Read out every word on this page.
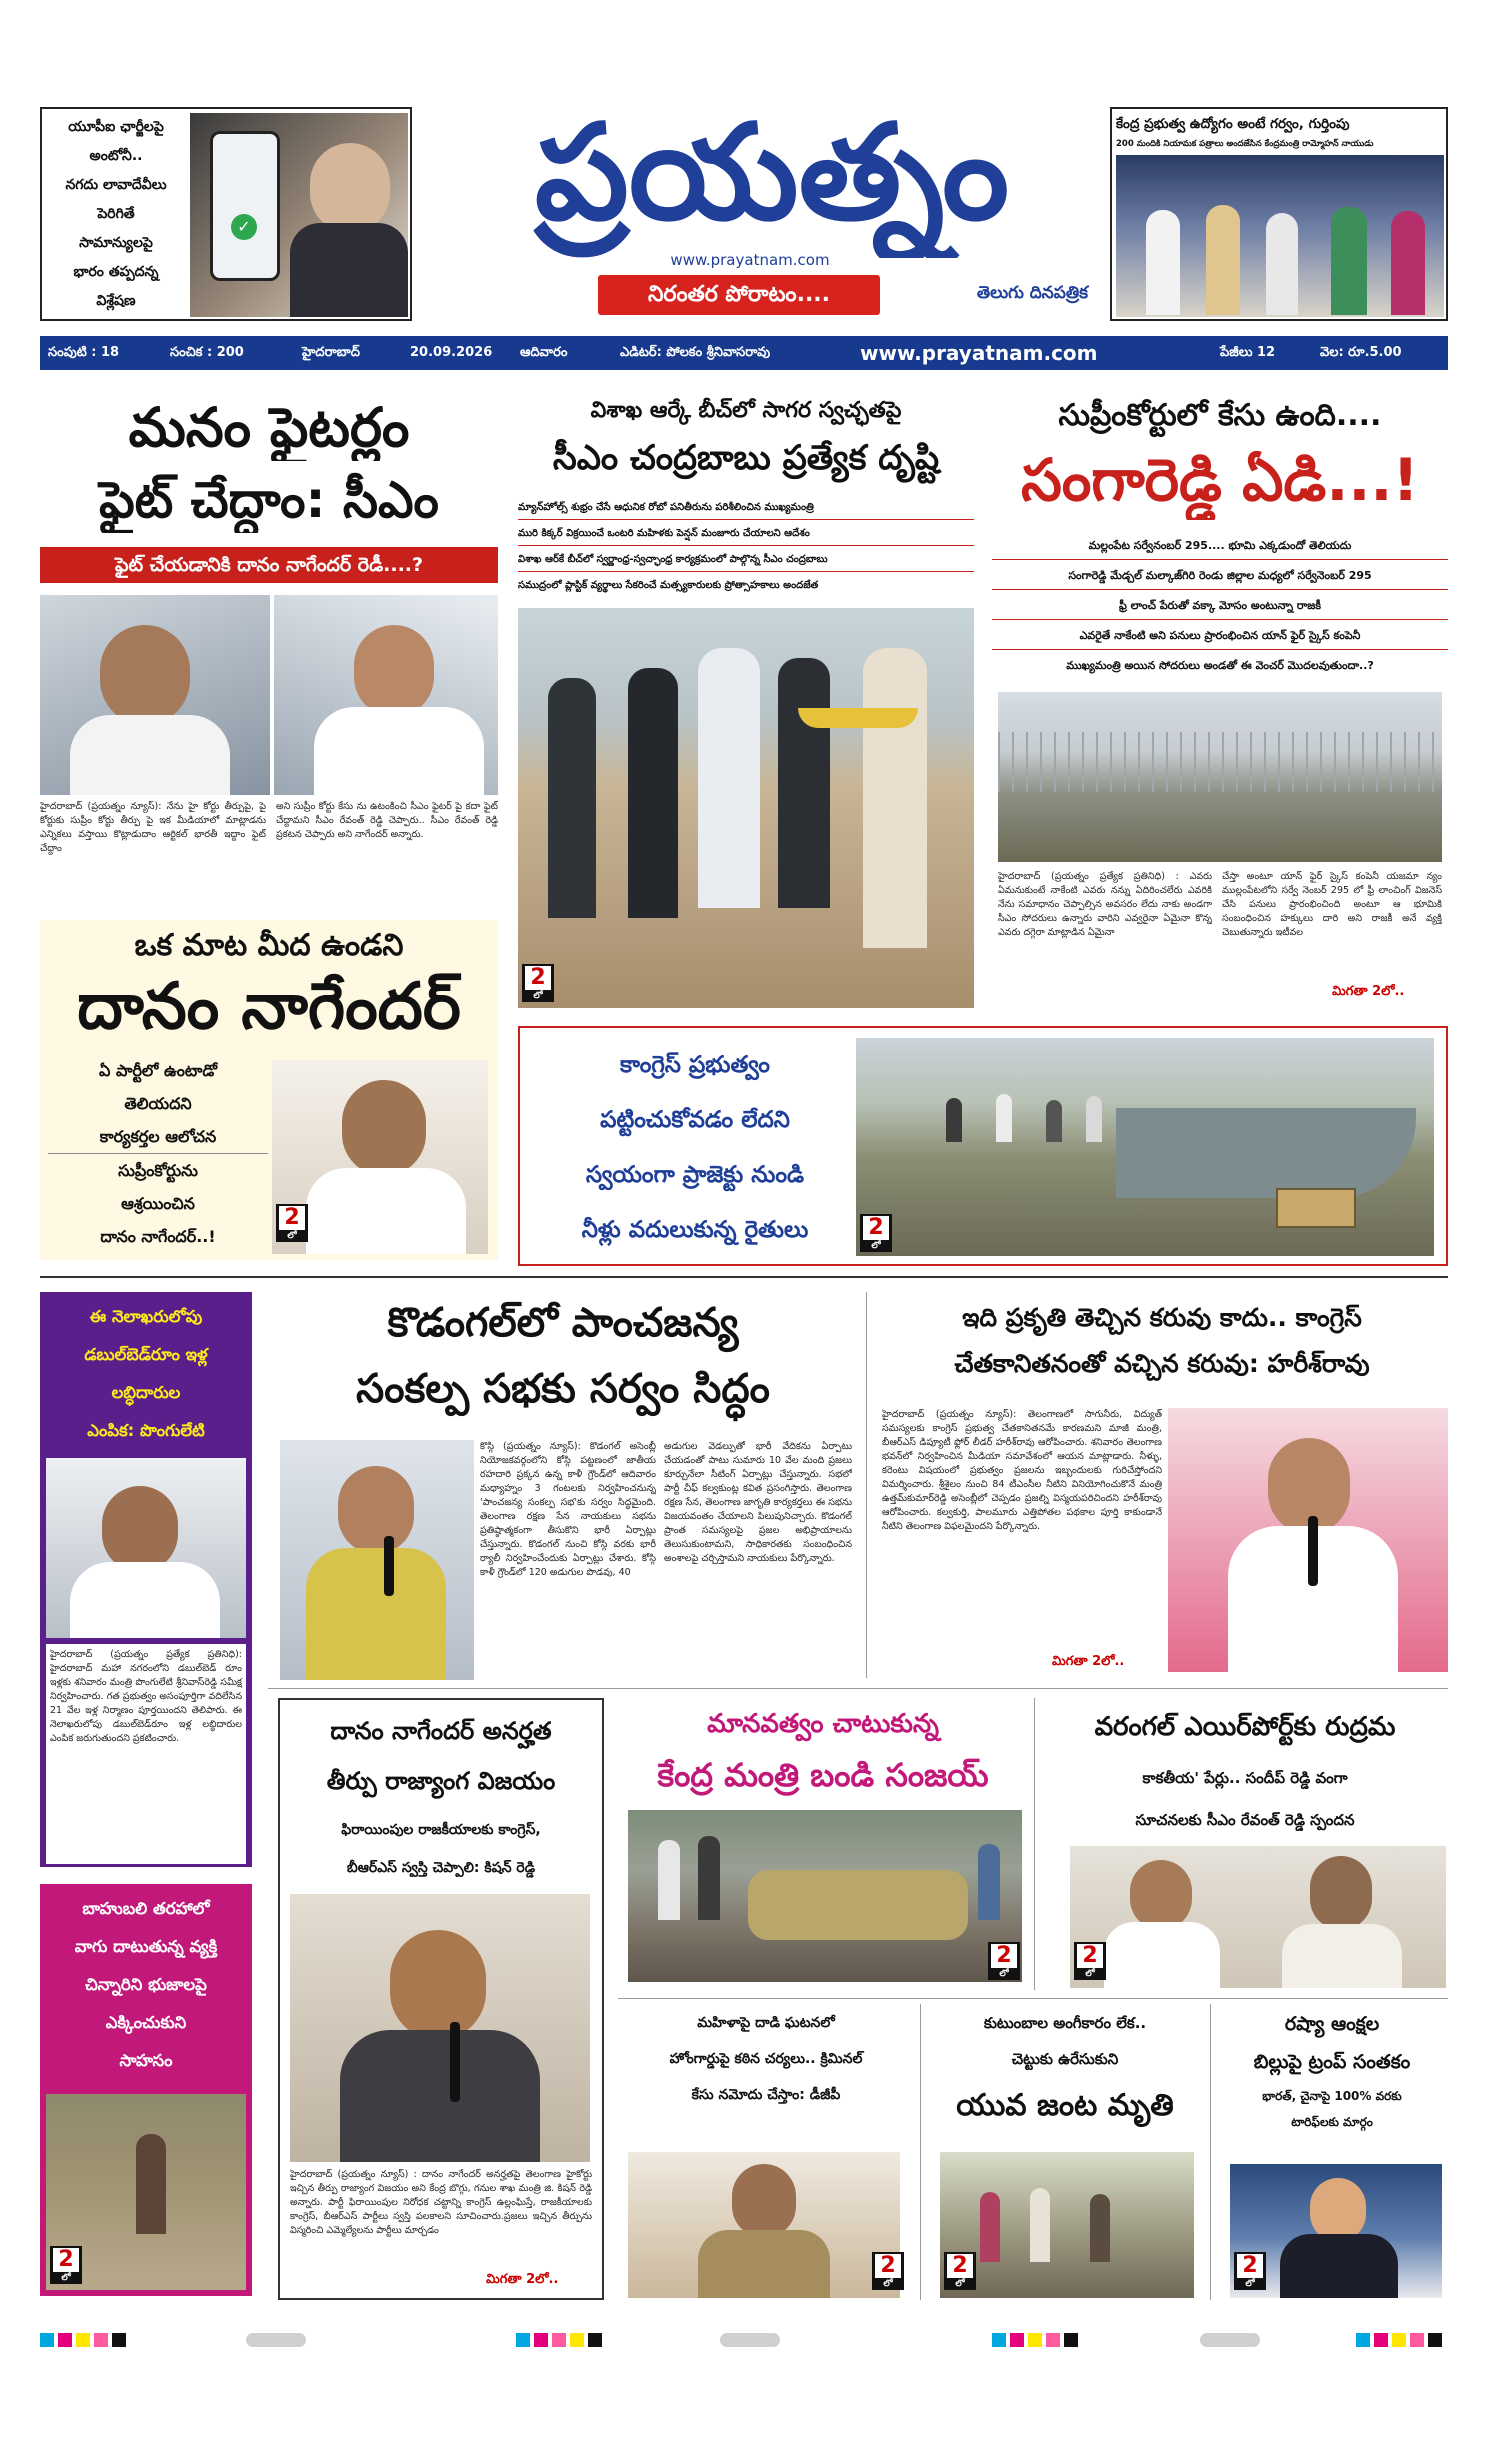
యూపీఐ ఛార్జీలపై
అంటోనీ..
నగదు లావాదేవీలు
పెరిగితే
సామాన్యులపై
భారం తప్పదన్న
విశ్లేషణ
✓	ప్రయత్నం
www.prayatnam.com
నిరంతర పోరాటం....	తెలుగు దినపత్రిక
కేంద్ర ప్రభుత్వ ఉద్యోగం అంటే గర్వం, గుర్తింపు
200 మందికి నియామక పత్రాలు అందజేసిన కేంద్రమంత్రి రామ్మోహన్ నాయుడు
సంపుటి : 18	సంచిక : 200	హైదరాబాద్	20.09.2026	ఆదివారం	ఎడిటర్: పోలకం శ్రీనివాసరావు	www.prayatnam.com	పేజీలు 12	వెల: రూ.5.00
మనం ఫైటర్లం
ఫైట్ చేద్దాం: సీఎం
ఫైట్ చేయడానికి దానం నాగేందర్ రెడీ....?
హైదరాబాద్ (ప్రయత్నం న్యూస్): నేను హై కోర్టు తీర్పుపై, పై కోర్టుకు సుప్రీం కోర్టు తీర్పు పై ఇక మీడియాలో మాట్లాడను ఎన్నికలు వస్తాయి కొట్లాడుదాం ఆర్టికల్ భారతీ ఇద్దాం ఫైట్ చేద్దాం
అని సుప్రీం కోర్టు కేసు ను ఉటంకించి సీఎం ఫైటర్ పై కదా ఫైట్ చేద్దామని సీఎం రేవంత్ రెడ్డి చెప్పారు.. సీఎం రేవంత్ రెడ్డి ప్రకటన చెప్పారు అని నాగేందర్ అన్నారు.
ఒక మాట మీద ఉండని
దానం నాగేందర్
ఏ పార్టీలో ఉంటాడో
తెలియదని
కార్యకర్తల ఆలోచన
సుప్రీంకోర్టును
ఆశ్రయించిన
దానం నాగేందర్..!
2
లో
విశాఖ ఆర్కే బీచ్‌లో సాగర స్వచ్ఛతపై
సీఎం చంద్రబాబు ప్రత్యేక దృష్టి
మ్యాన్‌హోల్స్ శుభ్రం చేసే ఆధునిక రోబో పనితీరును పరిశీలించిన ముఖ్యమంత్రి
మురి కిక్కర్ విక్రయించే ఒంటరి మహిళకు పెన్షన్ మంజూరు చేయాలని ఆదేశం
విశాఖ ఆర్‌కే బీచ్‌లో స్వర్ణాంధ్ర-స్వచ్ఛాంధ్ర కార్యక్రమంలో పాల్గొన్న సీఎం చంద్రబాబు
సముద్రంలో ప్లాస్టిక్ వ్యర్థాలు సేకరించే మత్స్యకారులకు ప్రోత్సాహకాలు అందజేత
2
లో
సుప్రీంకోర్టులో కేసు ఉంది....
సంగారెడ్డి ఏడి...!
మల్లంపేట సర్వేనంబర్ 295.... భూమి ఎక్కడుందో తెలియదు
సంగారెడ్డి మేడ్చల్ మల్కాజ్‌గిరి రెండు జిల్లాల మధ్యలో సర్వేనెంబర్ 295
ఫ్రీ లాంచ్ పేరుతో వక్కా మోసం అంటున్నా రాజకీ
ఎవరైతే నాకేంటి అని పనులు ప్రారంభించిన యాన్ ఫైర్ స్కైస్ కంపెనీ
ముఖ్యమంత్రి అయిన సోదరులు అండతో ఈ వెంచర్ మొదలవుతుందా..?
హైదరాబాద్ (ప్రయత్నం ప్రత్యేక ప్రతినిధి) : ఎవరు ఏమనుకుంటే నాకేంటి ఎవరు నన్ను ఏదిరించలేరు ఎవరికి నేను సమాధానం చెప్పాల్సిన అవసరం లేదు నాకు అండగా సీఎం సోదరులు ఉన్నారు వారిని ఎవ్వరైనా ఏమైనా కొన్న ఎవరు దగ్గెరా మాట్లాడిన ఏమైనా
చేస్తా అంటూ యాన్ ఫైర్ స్కైస్ కంపెనీ యజమా న్యం ముల్లంపేటలోని సర్వే నెంబర్ 295 లో ఫ్రీ లాంచింగ్ విజనెస్ చేసి పనులు ప్రారంభించింది అంటూ ఆ భూమికి సంబంధించిన హక్కులు దారి అని రాజకీ అనే వ్యక్తి చెబుతున్నారు ఇటీవల
మిగతా 2లో..
కాంగ్రెస్ ప్రభుత్వం
పట్టించుకోవడం లేదని
స్వయంగా ప్రాజెక్టు నుండి
నీళ్లు వదులుకున్న రైతులు	2
లో
ఈ నెలాఖరులోపు
డబుల్‌బెడ్‌రూం ఇళ్ల
లబ్ధిదారుల
ఎంపిక: పొంగులేటి
హైదరాబాద్ (ప్రయత్నం ప్రత్యేక ప్రతినిధి): హైదరాబాద్ మహా నగరంలోని డబుల్‌బెడ్ రూం ఇళ్లకు శనివారం మంత్రి పొంగులేటి శ్రీనివాస్‌రెడ్డి సమీక్ష నిర్వహించారు. గత ప్రభుత్వం అసంపూర్తిగా వదిలేసిన 21 వేల ఇళ్ల నిర్మాణం పూర్తయిందని తెలిపారు. ఈ నెలాఖరులోపు డబుల్‌బెడ్‌రూం ఇళ్ల లబ్ధిదారుల ఎంపిక జరుగుతుందని ప్రకటించారు.
బాహుబలి తరహాలో
వాగు దాటుతున్న వ్యక్తి
చిన్నారిని భుజాలపై
ఎక్కించుకుని
సాహసం
2
లో
కొడంగల్‌లో పాంచజన్య
సంకల్ప సభకు సర్వం సిద్ధం
కొస్గి (ప్రయత్నం న్యూస్): కొడంగల్ అసెంబ్లీ నియోజకవర్గంలోని కోస్గి పట్టణంలో జాతీయ రహదారి ప్రక్కన ఉన్న కాళీ గ్రౌండ్‌లో ఆదివారం మధ్యాహ్నం 3 గంటలకు నిర్వహించనున్న 'పాంచజన్య సంకల్ప సభ'కు సర్వం సిద్ధమైంది. తెలంగాణ రక్షణ సేన నాయకులు సభను ప్రతిష్ఠాత్మకంగా తీసుకొని భారీ ఏర్పాట్లు చేస్తున్నారు. కొడంగల్ నుంచి కోస్గి వరకు భారీ ర్యాలీ నిర్వహించేందుకు ఏర్పాట్లు చేశారు. కోస్గి కాళీ గ్రౌండ్‌లో 120 అడుగుల పొడవు, 40
అడుగుల వెడల్పుతో భారీ వేదికను ఏర్పాటు చేయడంతో పాటు సుమారు 10 వేల మంది ప్రజలు కూర్చునేలా సీటింగ్ ఏర్పాట్లు చేస్తున్నారు. సభలో పార్టీ చీఫ్ కల్వకుంట్ల కవిత ప్రసంగిస్తారు. తెలంగాణ రక్షణ సేన, తెలంగాణ జాగృతి కార్యకర్తలు ఈ సభను విజయవంతం చేయాలని పిలుపునిచ్చారు. కొడంగల్ ప్రాంత సమస్యలపై ప్రజల అభిప్రాయాలను తెలుసుకుంటామని, సాధికారతకు సంబంధించిన అంశాలపై చర్చిస్తామని నాయకులు పేర్కొన్నారు.
ఇది ప్రకృతి తెచ్చిన కరువు కాదు.. కాంగ్రెస్
చేతకానితనంతో వచ్చిన కరువు: హరీశ్‌రావు
హైదరాబాద్ (ప్రయత్నం న్యూస్): తెలంగాణలో సాగునీరు, విద్యుత్ సమస్యలకు కాంగ్రెస్ ప్రభుత్వ చేతకానితనమే కారణమని మాజీ మంత్రి, బీఆర్‌ఎస్ డిప్యూటీ ఫ్లోర్ లీడర్ హరీశ్‌రావు ఆరోపించారు. శనివారం తెలంగాణ భవన్‌లో నిర్వహించిన మీడియా సమావేశంలో ఆయన మాట్లాడారు. నీళ్ళు, కరెంటు విషయంలో ప్రభుత్వం ప్రజలను ఇబ్బందులకు గురిచేస్తోందని విమర్శించారు. శ్రీశైలం నుంచి 84 టీఎంసీల నీటిని వినియోగించుకొనే మంత్రి ఉత్తమ్‌కుమార్‌రెడ్డి అసెంబ్లీలో చెప్పడం ప్రజల్ని విస్మయపరిచిందని హరీశ్‌రావు ఆరోపించారు. కల్వకుర్తి, పాలమూరు ఎత్తిపోతల పథకాల పూర్తి కాకుండానే నీటిని తెలంగాణ విఫలమైందని పేర్కొన్నారు.
మిగతా 2లో..
దానం నాగేందర్ అనర్హత
తీర్పు రాజ్యాంగ విజయం
ఫిరాయింపుల రాజకీయాలకు కాంగ్రెస్,
బీఆర్ఎస్ స్వస్తి చెప్పాలి: కిషన్ రెడ్డి
హైదరాబాద్ (ప్రయత్నం న్యూస్) : దానం నాగేందర్ అనర్హతపై తెలంగాణ హైకోర్టు ఇచ్చిన తీర్పు రాజ్యాంగ విజయం అని కేంద్ర బొగ్గు, గనుల శాఖ మంత్రి జి. కిషన్ రెడ్డి అన్నారు. పార్టీ ఫిరాయింపుల నిరోధక చట్టాన్ని కాంగ్రెస్ ఉల్లంఘిస్తే, రాజకీయాలకు కాంగ్రెస్, బీఆర్ఎస్ పార్టీలు స్వస్తి పలకాలని సూచించారు.ప్రజలు ఇచ్చిన తీర్పును విస్మరించి ఎమ్మెల్యేలను పార్టీలు మార్చడం
మిగతా 2లో..
మానవత్వం చాటుకున్న
కేంద్ర మంత్రి బండి సంజయ్
2
లో
వరంగల్ ఎయిర్‌పోర్ట్‌కు రుద్రమ
కాకతీయ' పేర్లు.. సందీప్ రెడ్డి వంగా
సూచనలకు సీఎం రేవంత్ రెడ్డి స్పందన
2
లో
మహిళాపై దాడి ఘటనలో
హోంగార్డుపై కఠిన చర్యలు.. క్రిమినల్
కేసు నమోదు చేస్తాం: డీజీపీ
2
లో
కుటుంబాల అంగీకారం లేక..
చెట్టుకు ఉరేసుకుని
యువ జంట మృతి
2
లో
రష్యా ఆంక్షల
బిల్లుపై ట్రంప్ సంతకం
భారత్, చైనాపై 100% వరకు
టారిఫ్‌లకు మార్గం
2
లో
